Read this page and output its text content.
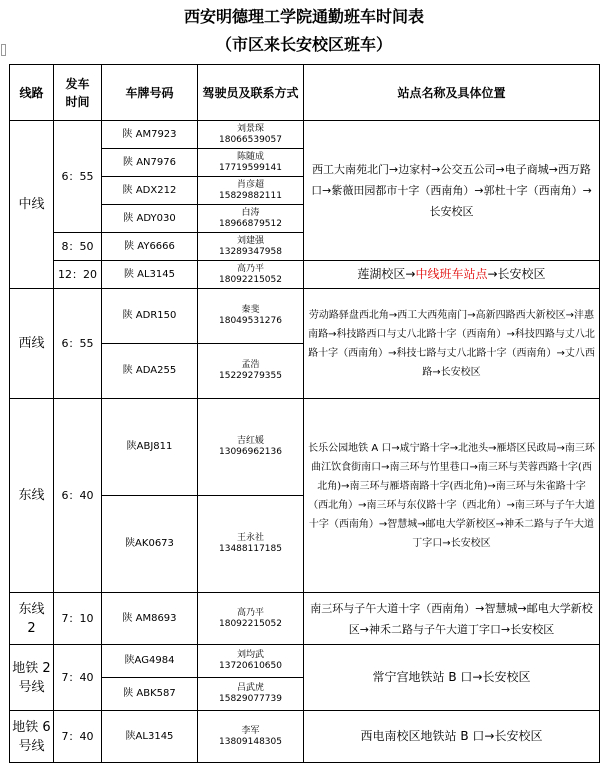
西安明德理工学院通勤班车时间表
（市区来长安校区班车）
线路	发车时间	车牌号码	驾驶员及联系方式	站点名称及具体位置
中线	6：55	陕 AM7923	刘景琛
18066539057	西工大南苑北门→边家村→公交五公司→电子商城→西万路口→紫薇田园都市十字（西南角）→郭杜十字（西南角）→长安校区
		陕 AN7976	陈随成
17719599141	

		陕 ADX212	肖彦超
15829882111	

		陕 ADY030	白涛
18966879512	

	8：50	陕 AY6666	刘建强
13289347958	

	12：20	陕 AL3145	高乃平
18092215052	莲湖校区→中线班车站点→长安校区
西线	6：55	陕 ADR150	秦斐
18049531276	劳动路驿盘西北角→西工大西苑南门→高新四路西大新校区→沣惠南路→科技路西口与丈八北路十字（西南角）→科技四路与丈八北路十字（西南角）→科技七路与丈八北路十字（西南角）→丈八西路→长安校区
		陕 ADA255	孟浩
15229279355	

东线	6：40	陕ABJ811	吉红媛
13096962136	长乐公园地铁 A 口→咸宁路十字→北池头→雁塔区民政局→南三环曲江饮食街南口→南三环与竹里巷口→南三环与芙蓉西路十字(西北角)→南三环与雁塔南路十字(西北角)→南三环与朱雀路十字（西北角）→南三环与东仪路十字（西北角）→南三环与子午大道十字（西南角）→智慧城→邮电大学新校区→神禾二路与子午大道丁字口→长安校区
		陕AK0673	王永社
13488117185	

东线2	7：10	陕 AM8693	高乃平
18092215052	南三环与子午大道十字（西南角）→智慧城→邮电大学新校区→神禾二路与子午大道丁字口→长安校区
地铁 2号线	7：40	陕AG4984	刘均武
13720610650	常宁宫地铁站 B 口→长安校区
		陕 ABK587	吕武虎
15829077739	

地铁 6号线	7：40	陕AL3145	李军
13809148305	西电南校区地铁站 B 口→长安校区
